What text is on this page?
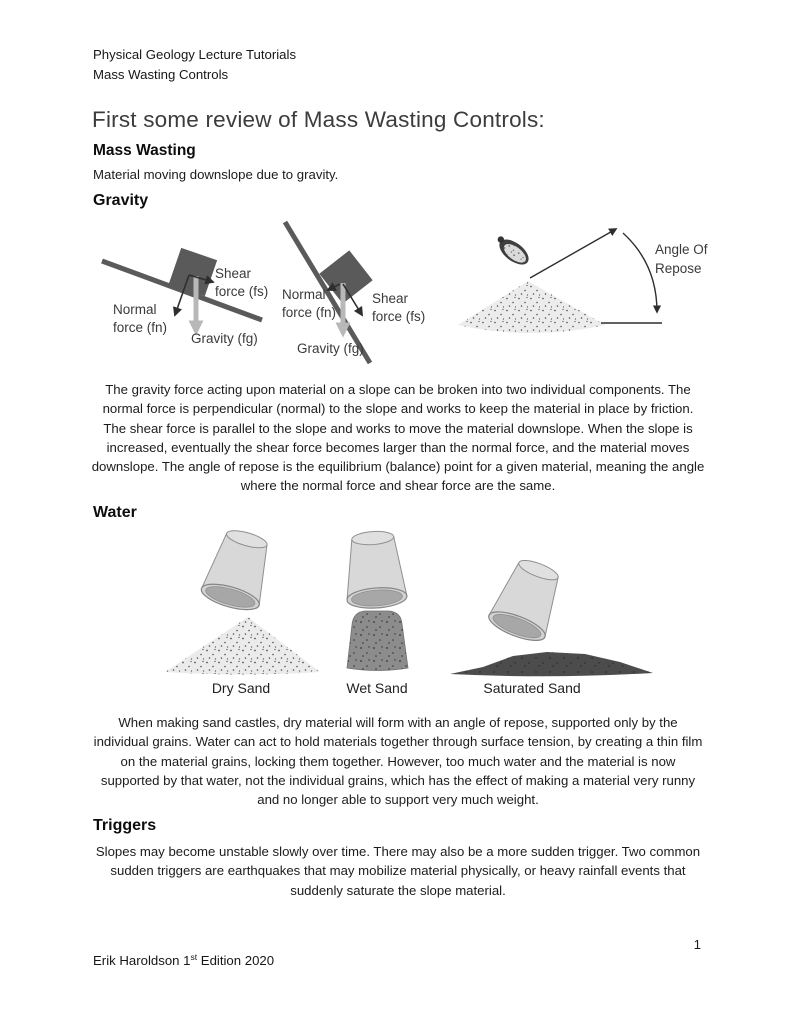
Physical Geology Lecture Tutorials
Mass Wasting Controls
First some review of Mass Wasting Controls:
Mass Wasting
Material moving downslope due to gravity.
Gravity
Shear force (fs)
Normal force (fn)
Gravity (fg)
Normal force (fn)
Shear force (fs)
Gravity (fg)
Angle Of Repose
The gravity force acting upon material on a slope can be broken into two individual components. The normal force is perpendicular (normal) to the slope and works to keep the material in place by friction. The shear force is parallel to the slope and works to move the material downslope. When the slope is increased, eventually the shear force becomes larger than the normal force, and the material moves downslope. The angle of repose is the equilibrium (balance) point for a given material, meaning the angle where the normal force and shear force are the same.
Water
Dry Sand	Wet Sand	Saturated Sand
When making sand castles, dry material will form with an angle of repose, supported only by the individual grains. Water can act to hold materials together through surface tension, by creating a thin film on the material grains, locking them together. However, too much water and the material is now supported by that water, not the individual grains, which has the effect of making a material very runny and no longer able to support very much weight.
Triggers
Slopes may become unstable slowly over time. There may also be a more sudden trigger. Two common sudden triggers are earthquakes that may mobilize material physically, or heavy rainfall events that suddenly saturate the slope material.
1
Erik Haroldson 1st Edition 2020
